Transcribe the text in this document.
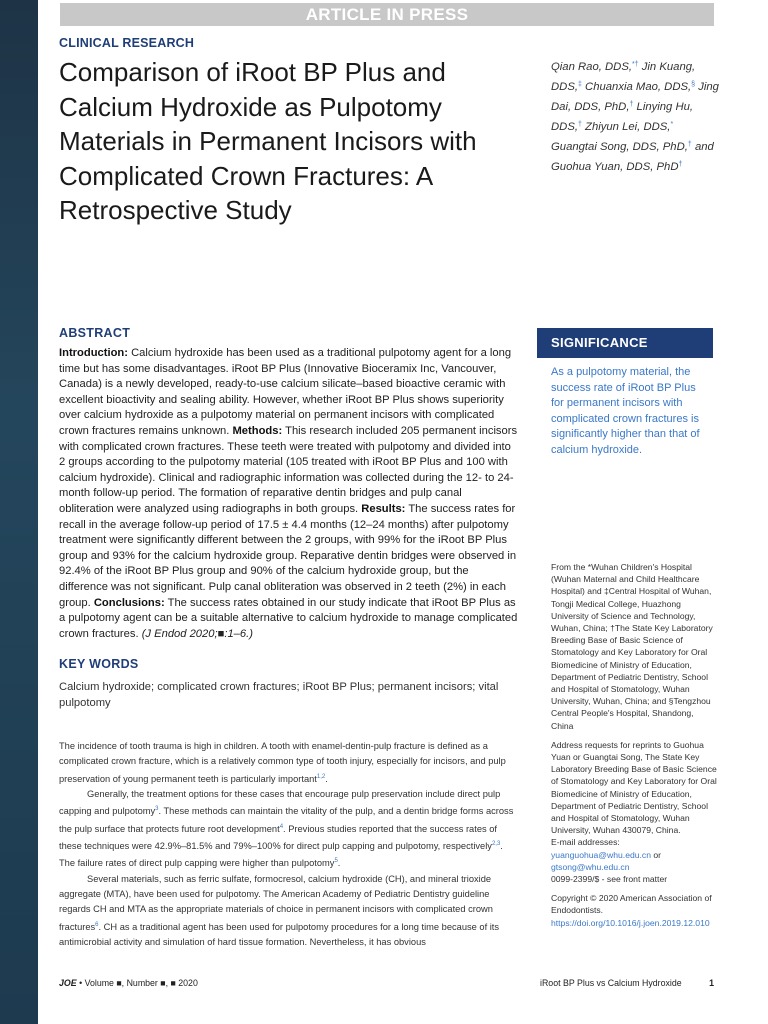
ARTICLE IN PRESS
CLINICAL RESEARCH
Comparison of iRoot BP Plus and Calcium Hydroxide as Pulpotomy Materials in Permanent Incisors with Complicated Crown Fractures: A Retrospective Study
Qian Rao, DDS,*† Jin Kuang, DDS,‡ Chuanxia Mao, DDS,§ Jing Dai, DDS, PhD,† Linying Hu, DDS,† Zhiyun Lei, DDS,* Guangtai Song, DDS, PhD,† and Guohua Yuan, DDS, PhD†
ABSTRACT
Introduction: Calcium hydroxide has been used as a traditional pulpotomy agent for a long time but has some disadvantages. iRoot BP Plus (Innovative Bioceramix Inc, Vancouver, Canada) is a newly developed, ready-to-use calcium silicate–based bioactive ceramic with excellent bioactivity and sealing ability. However, whether iRoot BP Plus shows superiority over calcium hydroxide as a pulpotomy material on permanent incisors with complicated crown fractures remains unknown. Methods: This research included 205 permanent incisors with complicated crown fractures. These teeth were treated with pulpotomy and divided into 2 groups according to the pulpotomy material (105 treated with iRoot BP Plus and 100 with calcium hydroxide). Clinical and radiographic information was collected during the 12- to 24-month follow-up period. The formation of reparative dentin bridges and pulp canal obliteration were analyzed using radiographs in both groups. Results: The success rates for recall in the average follow-up period of 17.5 ± 4.4 months (12–24 months) after pulpotomy treatment were significantly different between the 2 groups, with 99% for the iRoot BP Plus group and 93% for the calcium hydroxide group. Reparative dentin bridges were observed in 92.4% of the iRoot BP Plus group and 90% of the calcium hydroxide group, but the difference was not significant. Pulp canal obliteration was observed in 2 teeth (2%) in each group. Conclusions: The success rates obtained in our study indicate that iRoot BP Plus as a pulpotomy agent can be a suitable alternative to calcium hydroxide to manage complicated crown fractures. (J Endod 2020;■:1–6.)
KEY WORDS
Calcium hydroxide; complicated crown fractures; iRoot BP Plus; permanent incisors; vital pulpotomy

The incidence of tooth trauma is high in children. A tooth with enamel-dentin-pulp fracture is defined as a complicated crown fracture, which is a relatively common type of tooth injury, especially for incisors, and pulp preservation of young permanent teeth is particularly important$^{1,2}$.

Generally, the treatment options for these cases that encourage pulp preservation include direct pulp capping and pulpotomy$^3$. These methods can maintain the vitality of the pulp, and a dentin bridge forms across the pulp surface that protects future root development$^4$. Previous studies reported that the success rates of these techniques were 42.9%–81.5% and 79%–100% for direct pulp capping and pulpotomy, respectively$^{2,3}$. The failure rates of direct pulp capping were higher than pulpotomy$^5$.

Several materials, such as ferric sulfate, formocresol, calcium hydroxide (CH), and mineral trioxide aggregate (MTA), have been used for pulpotomy. The American Academy of Pediatric Dentistry guideline regards CH and MTA as the appropriate materials of choice in permanent incisors with complicated crown fractures$^6$. CH as a traditional agent has been used for pulpotomy procedures for a long time because of its antimicrobial activity and simulation of hard tissue formation. Nevertheless, it has obvious

SIGNIFICANCE
As a pulpotomy material, the success rate of iRoot BP Plus for permanent incisors with complicated crown fractures is significantly higher than that of calcium hydroxide.

From the *Wuhan Children's Hospital (Wuhan Maternal and Child Healthcare Hospital) and ‡Central Hospital of Wuhan, Tongji Medical College, Huazhong University of Science and Technology, Wuhan, China; †The State Key Laboratory Breeding Base of Basic Science of Stomatology and Key Laboratory for Oral Biomedicine of Ministry of Education, Department of Pediatric Dentistry, School and Hospital of Stomatology, Wuhan University, Wuhan, China; and §Tengzhou Central People's Hospital, Shandong, China

Address requests for reprints to Guohua Yuan or Guangtai Song, The State Key Laboratory Breeding Base of Basic Science of Stomatology and Key Laboratory for Oral Biomedicine of Ministry of Education, Department of Pediatric Dentistry, School and Hospital of Stomatology, Wuhan University, Wuhan 430079, China.
E-mail addresses: yuanguohua@whu.edu.cn or gtsong@whu.edu.cn
0099-2399/$ - see front matter

Copyright © 2020 American Association of Endodontists.
https://doi.org/10.1016/j.joen.2019.12.010

JOE • Volume ■, Number ■, ■ 2020	iRoot BP Plus vs Calcium Hydroxide	1
